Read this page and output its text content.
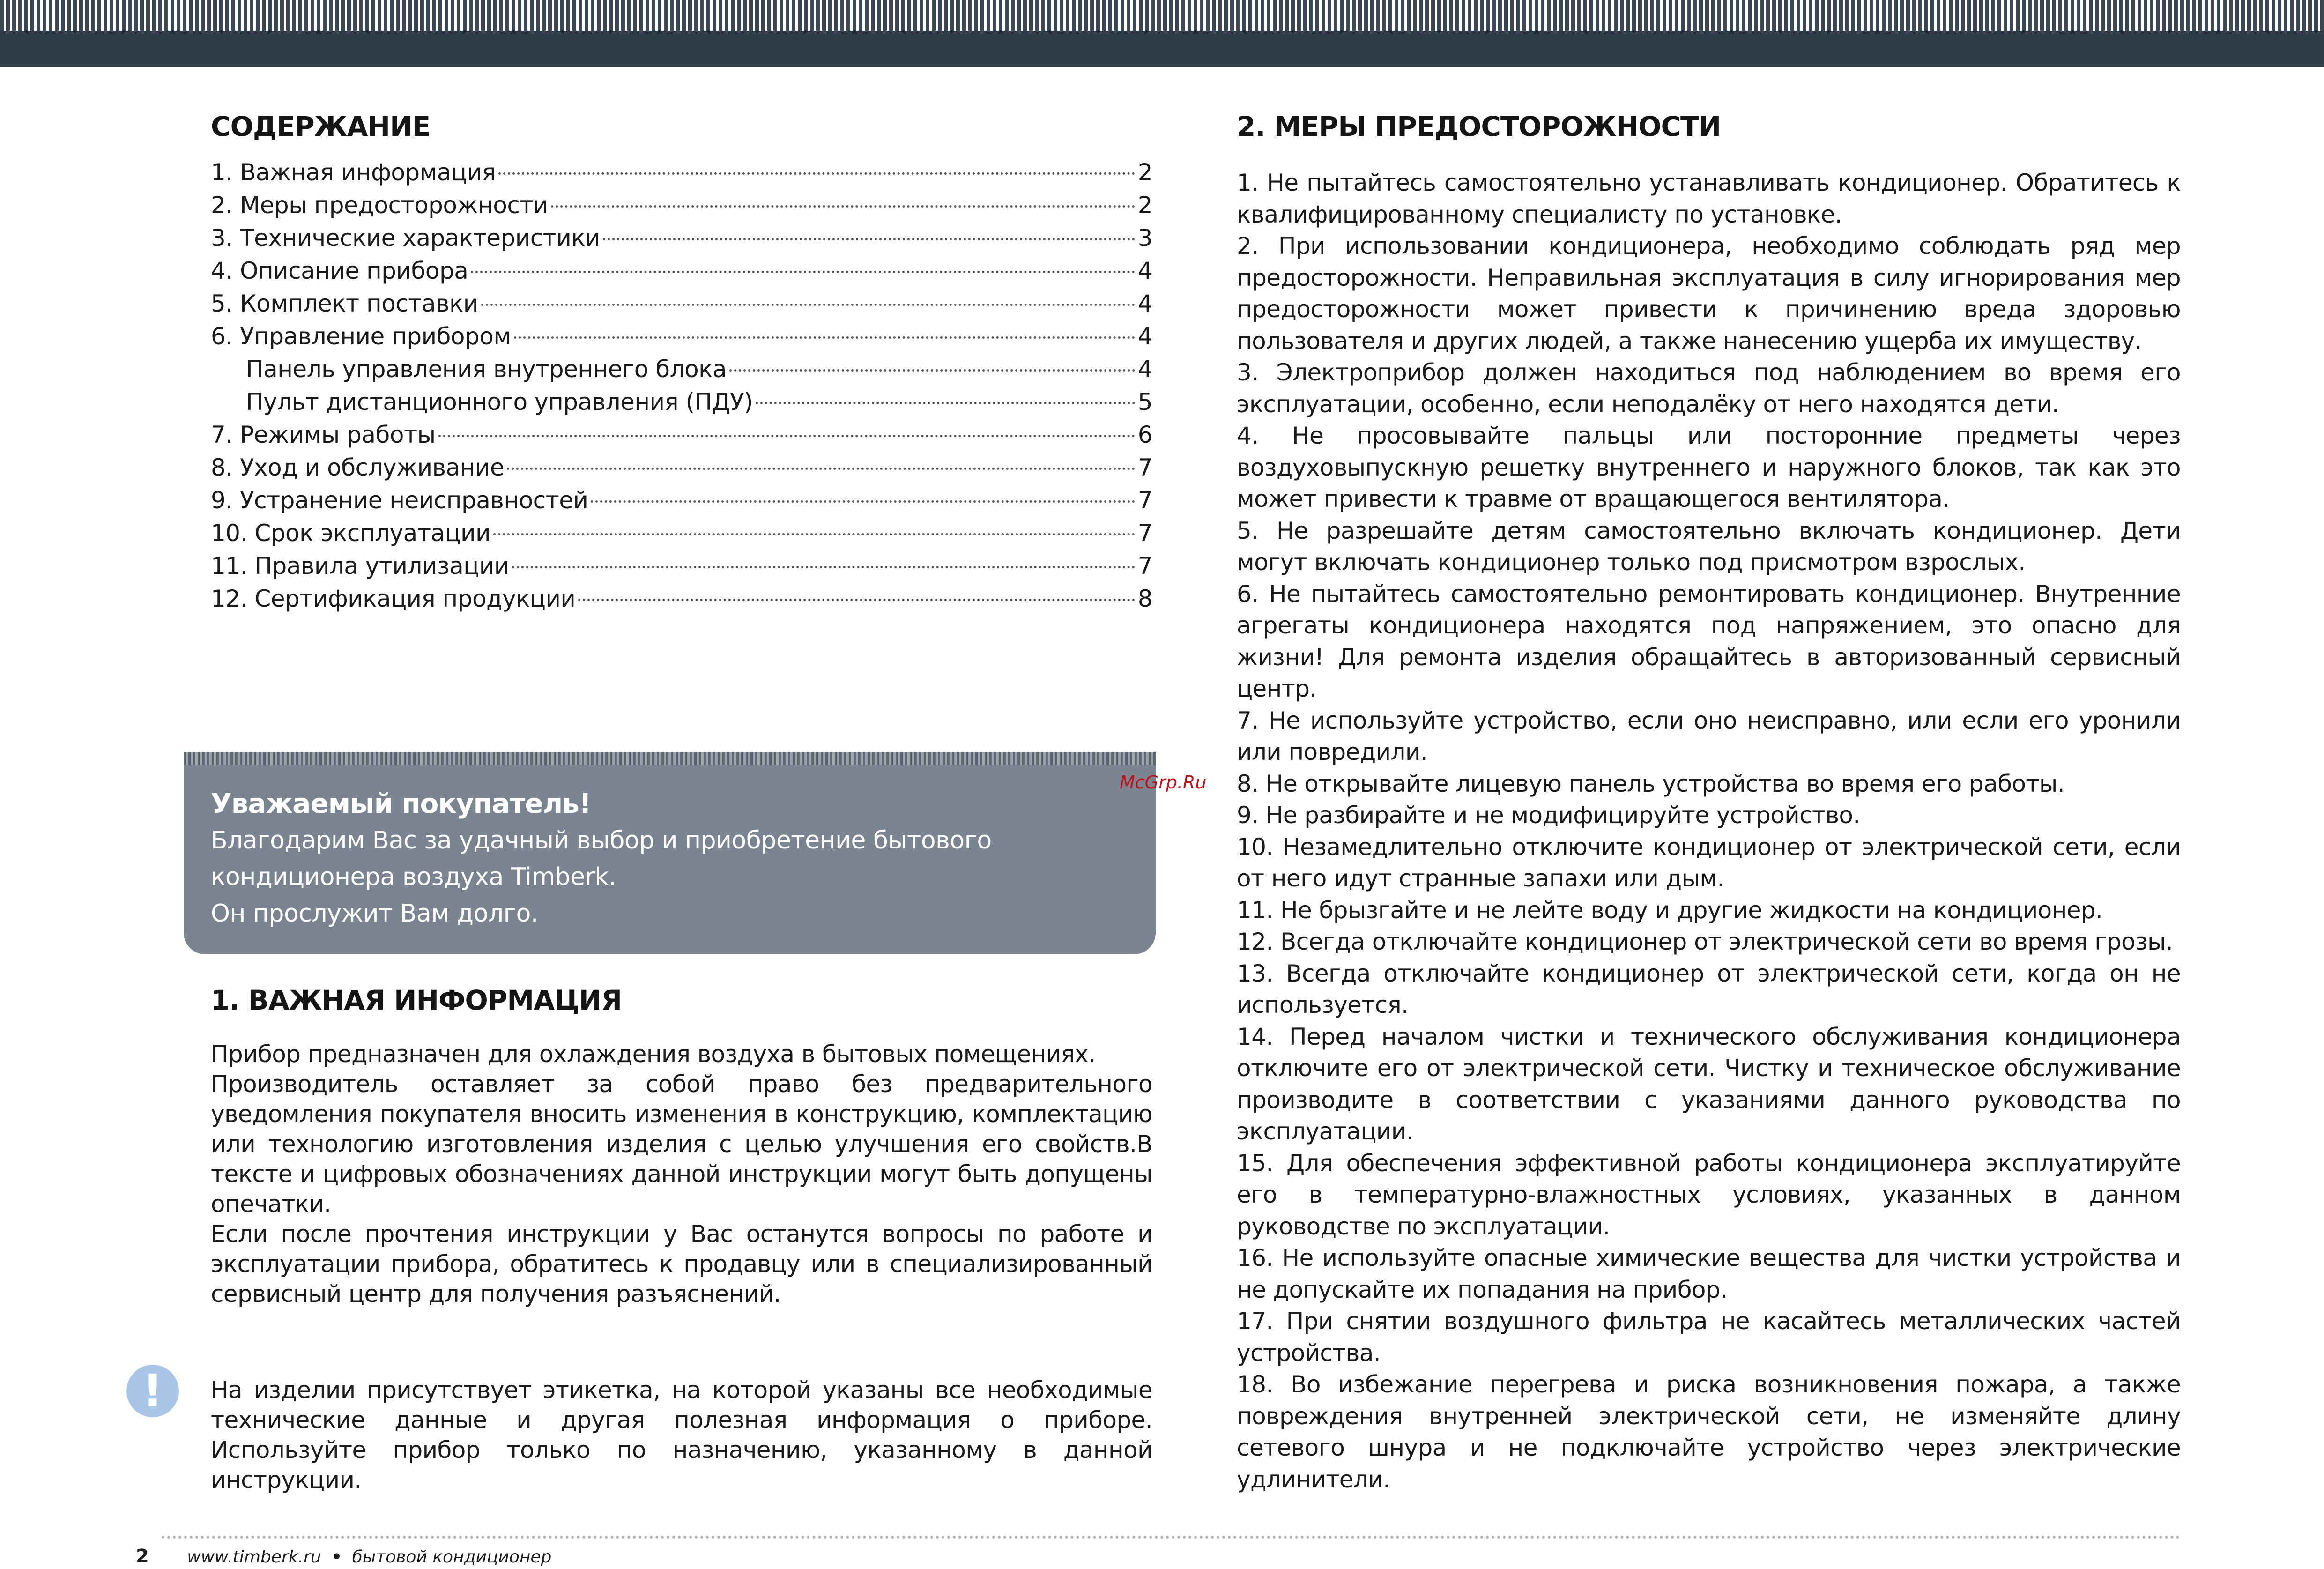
СОДЕРЖАНИЕ
1. Важная информация	2
2. Меры предосторожности	2
3. Технические характеристики	3
4. Описание прибора	4
5. Комплект поставки	4
6. Управление прибором	4
Панель управления внутреннего блока	4
Пульт дистанционного управления (ПДУ)	5
7. Режимы работы	6
8. Уход и обслуживание	7
9. Устранение неисправностей	7
10. Срок эксплуатации	7
11. Правила утилизации	7
12. Сертификация продукции	8
Уважаемый покупатель!
Благодарим Вас за удачный выбор и приобретение бытового
кондиционера воздуха Timberk.
Он прослужит Вам долго.
1. ВАЖНАЯ ИНФОРМАЦИЯ

Прибор предназначен для охлаждения воздуха в бытовых помещениях.

Производитель оставляет за собой право без предварительного уведомления покупателя вносить изменения в конструкцию, комплектацию или технологию изготовления изделия с целью улучшения его свойств.В тексте и цифровых обозначениях данной инструкции могут быть допущены опечатки.

Если после прочтения инструкции у Вас останутся вопросы по работе и эксплуатации прибора, обратитесь к продавцу или в специализированный сервисный центр для получения разъяснений.

!	На изделии присутствует этикетка, на которой указаны все необходимые технические данные и другая полезная информация о приборе. Используйте прибор только по назначению, указанному в данной инструкции.

2. МЕРЫ ПРЕДОСТОРОЖНОСТИ

1. Не пытайтесь самостоятельно устанавливать кондиционер. Обратитесь к квалифицированному специалисту по установке.

2. При использовании кондиционера, необходимо соблюдать ряд мер предосторожности. Неправильная эксплуатация в силу игнорирования мер предосторожности может привести к причинению вреда здоровью пользователя и других людей, а также нанесению ущерба их имуществу.

3. Электроприбор должен находиться под наблюдением во время его эксплуатации, особенно, если неподалёку от него находятся дети.

4. Не просовывайте пальцы или посторонние предметы через воздуховыпускную решетку внутреннего и наружного блоков, так как это может привести к травме от вращающегося вентилятора.

5. Не разрешайте детям самостоятельно включать кондиционер. Дети могут включать кондиционер только под присмотром взрослых.

6. Не пытайтесь самостоятельно ремонтировать кондиционер. Внутренние агрегаты кондиционера находятся под напряжением, это опасно для жизни! Для ремонта изделия обращайтесь в авторизованный сервисный центр.

7. Не используйте устройство, если оно неисправно, или если его уронили или повредили.

8. Не открывайте лицевую панель устройства во время его работы.

9. Не разбирайте и не модифицируйте устройство.

10. Незамедлительно отключите кондиционер от электрической сети, если от него идут странные запахи или дым.

11. Не брызгайте и не лейте воду и другие жидкости на кондиционер.

12. Всегда отключайте кондиционер от электрической сети во время грозы.

13. Всегда отключайте кондиционер от электрической сети, когда он не используется.

14. Перед началом чистки и технического обслуживания кондиционера отключите его от электрической сети. Чистку и техническое обслуживание производите в соответствии с указаниями данного руководства по эксплуатации.

15. Для обеспечения эффективной работы кондиционера эксплуатируйте его в температурно-влажностных условиях, указанных в данном руководстве по эксплуатации.

16. Не используйте опасные химические вещества для чистки устройства и не допускайте их попадания на прибор.

17. При снятии воздушного фильтра не касайтесь металлических частей устройства.

18. Во избежание перегрева и риска возникновения пожара, а также повреждения внутренней электрической сети, не изменяйте длину сетевого шнура и не подключайте устройство через электрические удлинители.

McGrp.Ru
2 www.timberk.ru • бытовой кондиционер
